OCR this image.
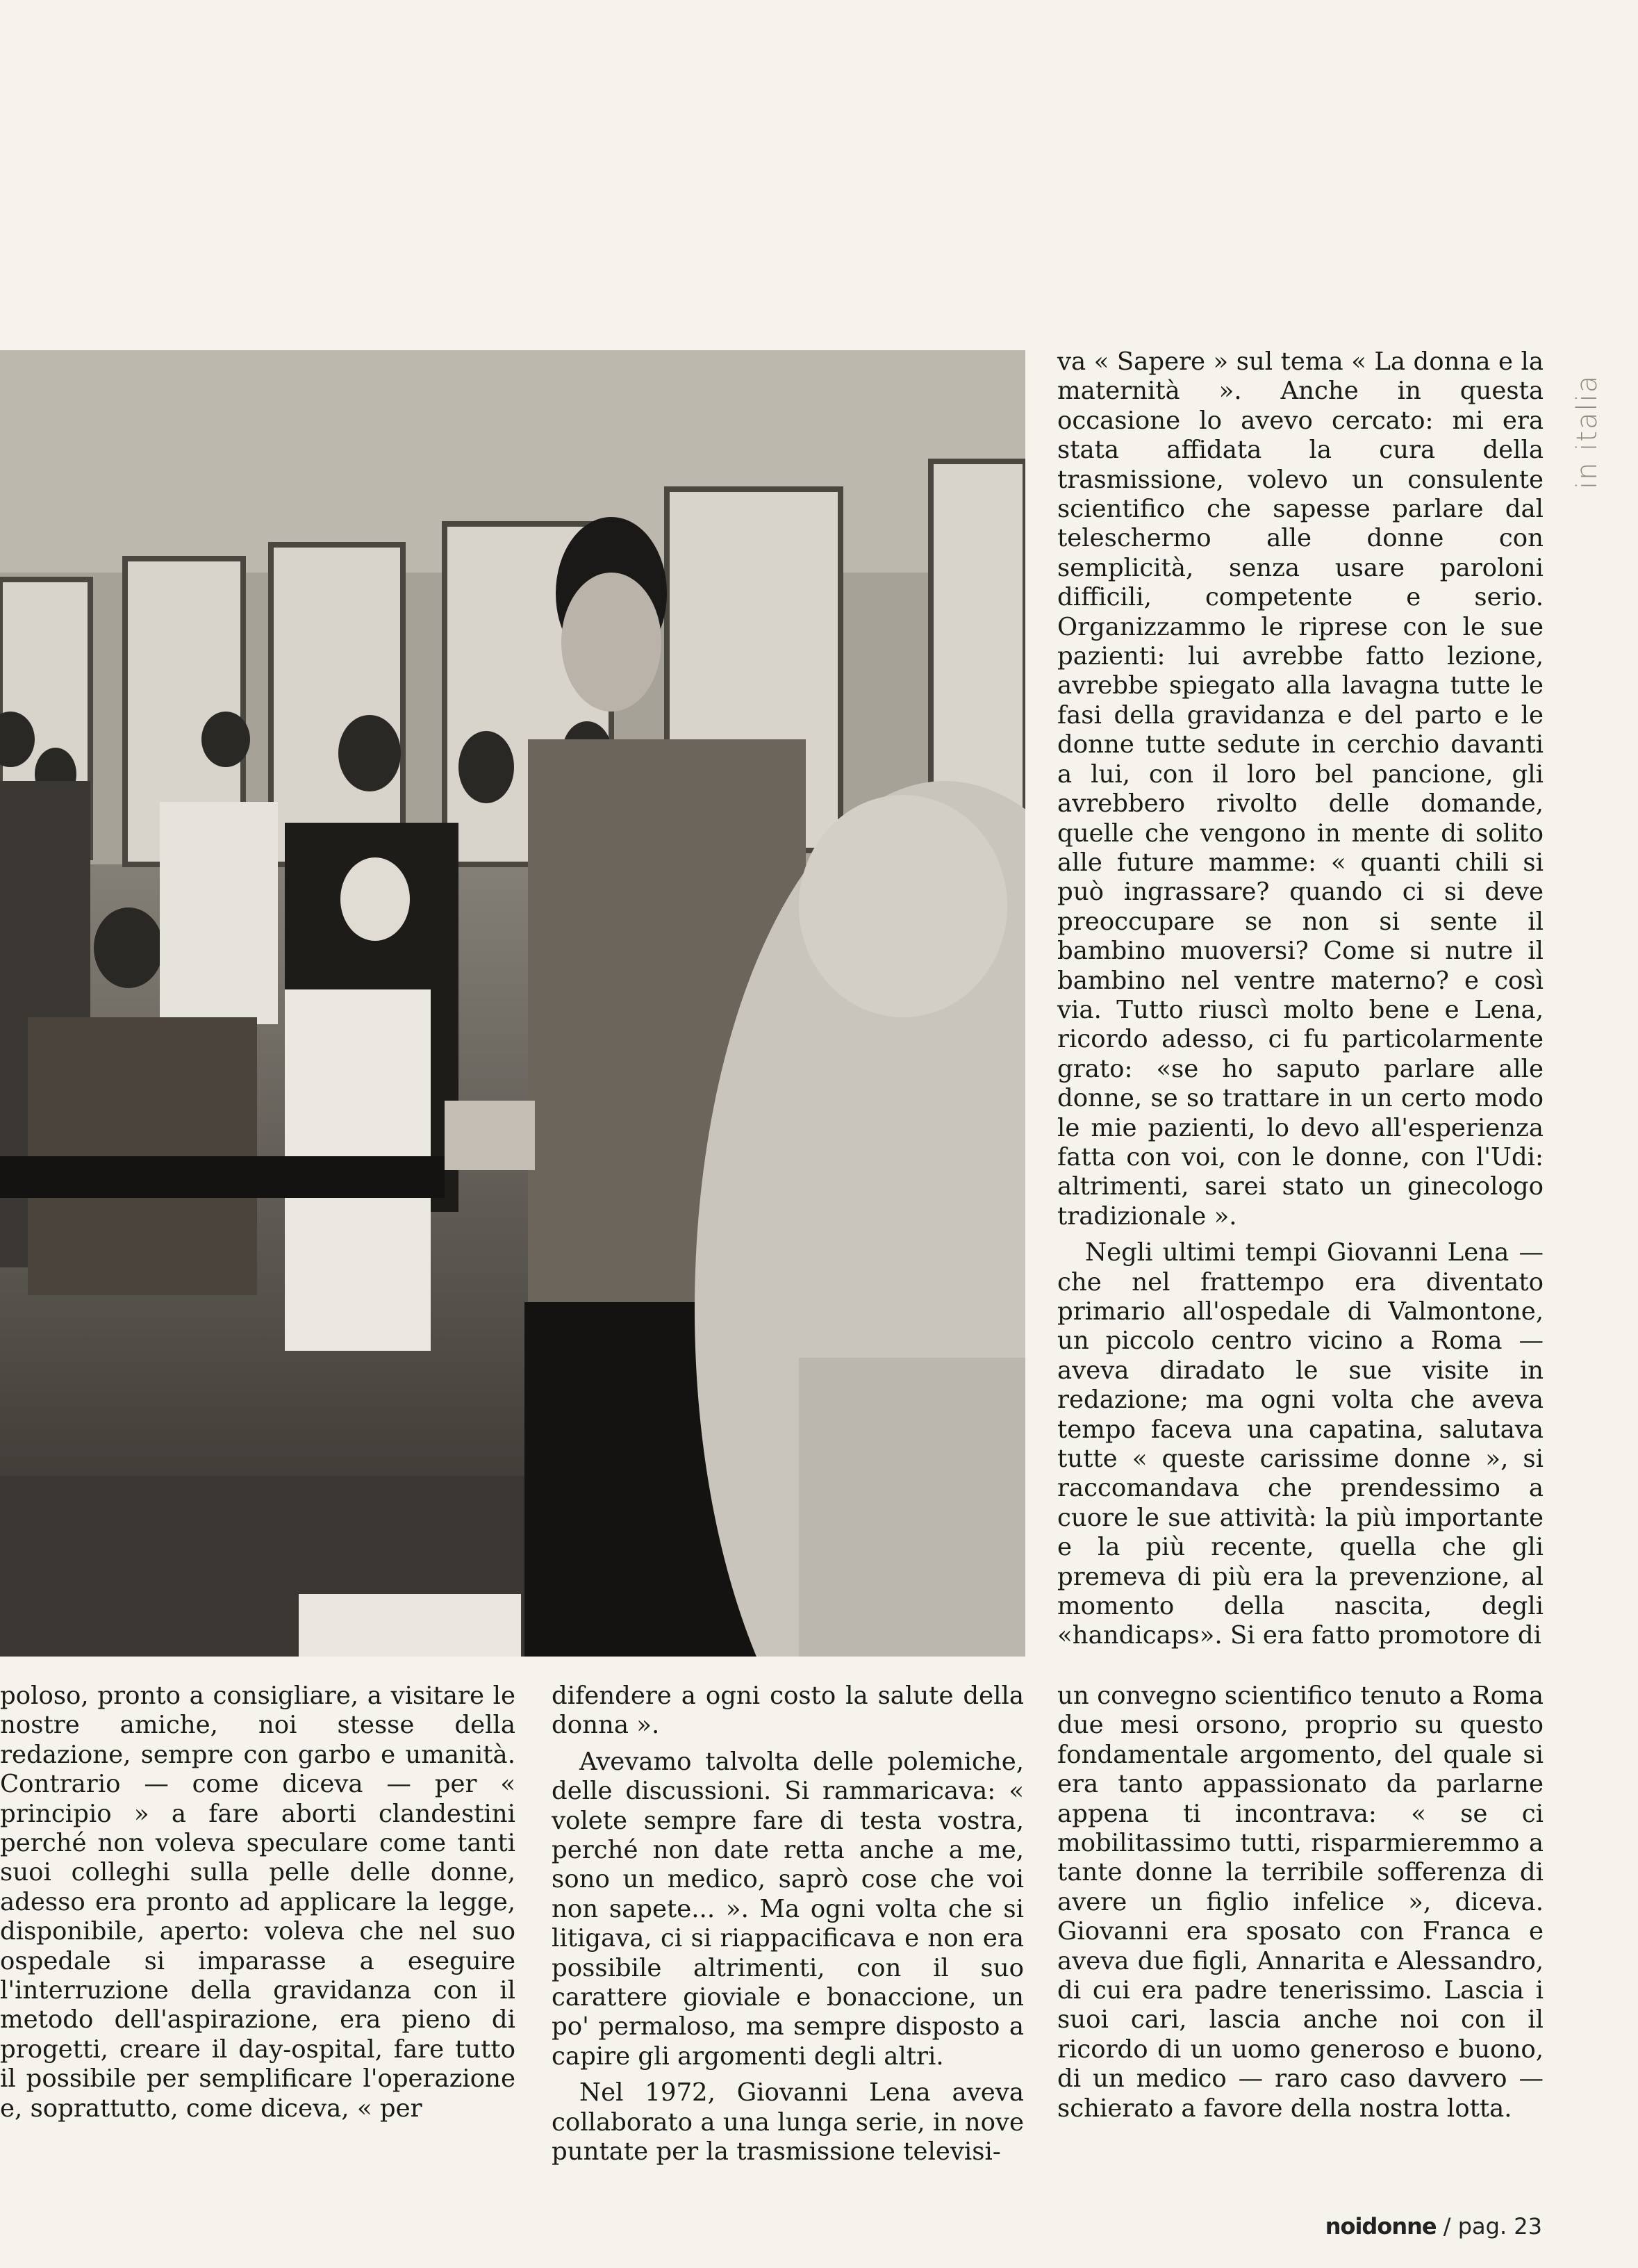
in italia

va « Sapere » sul tema « La donna e la maternità ». Anche in questa occasione lo avevo cercato: mi era stata affidata la cura della trasmissione, volevo un consulente scientifico che sapesse parlare dal teleschermo alle donne con semplicità, senza usare paroloni difficili, competente e serio. Organizzammo le riprese con le sue pazienti: lui avrebbe fatto lezione, avrebbe spiegato alla lavagna tutte le fasi della gravidanza e del parto e le donne tutte sedute in cerchio davanti a lui, con il loro bel pancione, gli avrebbero rivolto delle domande, quelle che vengono in mente di solito alle future mamme: « quanti chili si può ingrassare? quando ci si deve preoccupare se non si sente il bambino muoversi? Come si nutre il bambino nel ventre materno? e così via. Tutto riuscì molto bene e Lena, ricordo adesso, ci fu particolarmente grato: «se ho saputo parlare alle donne, se so trattare in un certo modo le mie pazienti, lo devo all'esperienza fatta con voi, con le donne, con l'Udi: altrimenti, sarei stato un ginecologo tradizionale ».

Negli ultimi tempi Giovanni Lena — che nel frattempo era diventato primario all'ospedale di Valmontone, un piccolo centro vicino a Roma — aveva diradato le sue visite in redazione; ma ogni volta che aveva tempo faceva una capatina, salutava tutte « queste carissime donne », si raccomandava che prendessimo a cuore le sue attività: la più importante e la più recente, quella che gli premeva di più era la prevenzione, al momento della nascita, degli «handicaps». Si era fatto promotore di

poloso, pronto a consigliare, a visitare le nostre amiche, noi stesse della redazione, sempre con garbo e umanità. Contrario — come diceva — per « principio » a fare aborti clandestini perché non voleva speculare come tanti suoi colleghi sulla pelle delle donne, adesso era pronto ad applicare la legge, disponibile, aperto: voleva che nel suo ospedale si imparasse a eseguire l'interruzione della gravidanza con il metodo dell'aspirazione, era pieno di progetti, creare il day-ospital, fare tutto il possibile per semplificare l'operazione e, soprattutto, come diceva, « per

difendere a ogni costo la salute della donna ».

Avevamo talvolta delle polemiche, delle discussioni. Si rammaricava: « volete sempre fare di testa vostra, perché non date retta anche a me, sono un medico, saprò cose che voi non sapete... ». Ma ogni volta che si litigava, ci si riappacificava e non era possibile altrimenti, con il suo carattere gioviale e bonaccione, un po' permaloso, ma sempre disposto a capire gli argomenti degli altri.

Nel 1972, Giovanni Lena aveva collaborato a una lunga serie, in nove puntate per la trasmissione televisi-

un convegno scientifico tenuto a Roma due mesi orsono, proprio su questo fondamentale argomento, del quale si era tanto appassionato da parlarne appena ti incontrava: « se ci mobilitassimo tutti, risparmieremmo a tante donne la terribile sofferenza di avere un figlio infelice », diceva. Giovanni era sposato con Franca e aveva due figli, Annarita e Alessandro, di cui era padre tenerissimo. Lascia i suoi cari, lascia anche noi con il ricordo di un uomo generoso e buono, di un medico — raro caso davvero — schierato a favore della nostra lotta.

noidonne / pag. 23
